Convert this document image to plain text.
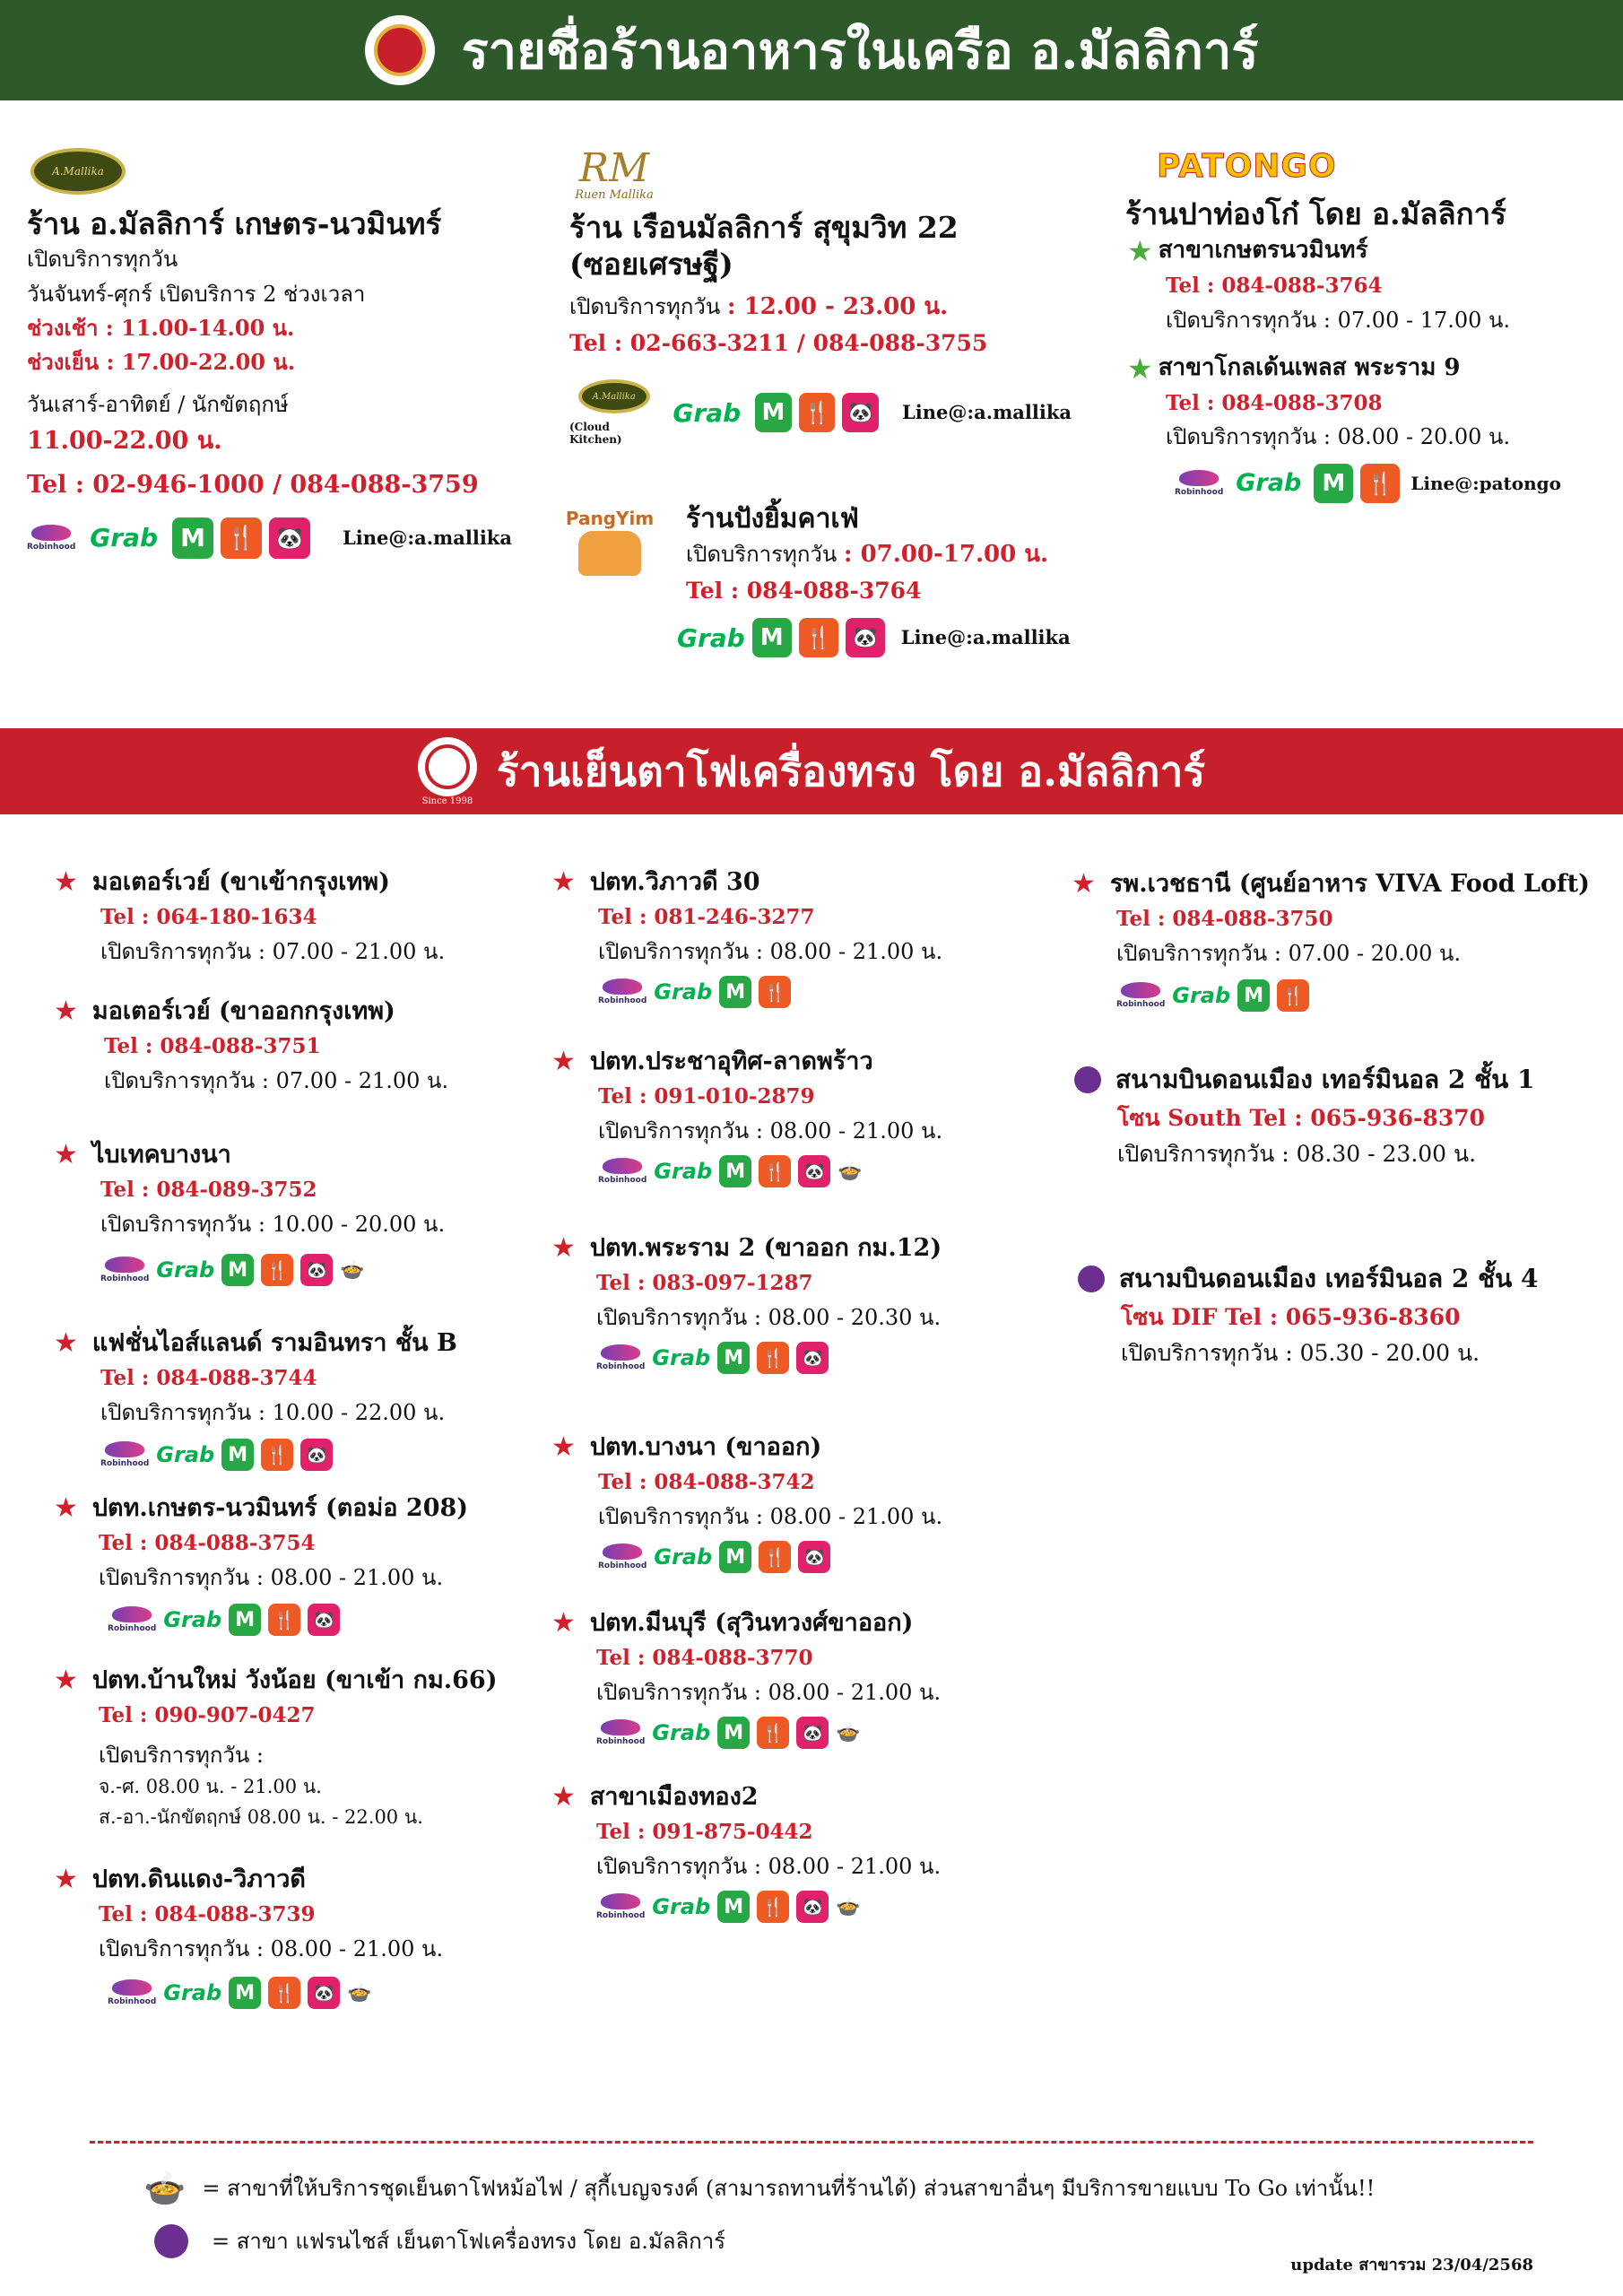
รายชื่อร้านอาหารในเครือ อ.มัลลิการ์
A.Mallika
ร้าน อ.มัลลิการ์ เกษตร-นวมินทร์
เปิดบริการทุกวัน
วันจันทร์-ศุกร์ เปิดบริการ 2 ช่วงเวลา
ช่วงเช้า : 11.00-14.00 น.
ช่วงเย็น : 17.00-22.00 น.
วันเสาร์-อาทิตย์ / นักขัตฤกษ์
11.00-22.00 น.
Tel : 02-946-1000 / 084-088-3759
Robinhood Grab M 🍴 🐼	Line@:a.mallika
RM
Ruen Mallika
ร้าน เรือนมัลลิการ์ สุขุมวิท 22
(ซอยเศรษฐี)
เปิดบริการทุกวัน : 12.00 - 23.00 น.
Tel : 02-663-3211 / 084-088-3755
A.Mallika
(Cloud Kitchen)
Grab M 🍴 🐼	Line@:a.mallika
PangYim ร้านปังยิ้มคาเฟ่
เปิดบริการทุกวัน : 07.00-17.00 น.
Tel : 084-088-3764
Grab M	🍴	🐼	Line@:a.mallika
PATONGO
ร้านปาท่องโก๋ โดย อ.มัลลิการ์
★ สาขาเกษตรนวมินทร์
Tel : 084-088-3764
เปิดบริการทุกวัน : 07.00 - 17.00 น.
★ สาขาโกลเด้นเพลส พระราม 9
Tel : 084-088-3708
เปิดบริการทุกวัน : 08.00 - 20.00 น.
Robinhood Grab M	🍴 Line@:patongo
Since 1998
ร้านเย็นตาโฟเครื่องทรง โดย อ.มัลลิการ์
★ มอเตอร์เวย์ (ขาเข้ากรุงเทพ)
Tel : 064-180-1634
เปิดบริการทุกวัน : 07.00 - 21.00 น.
★ มอเตอร์เวย์ (ขาออกกรุงเทพ)
Tel : 084-088-3751
เปิดบริการทุกวัน : 07.00 - 21.00 น.
★ ไบเทคบางนา
Tel : 084-089-3752
เปิดบริการทุกวัน : 10.00 - 20.00 น.
Robinhood Grab M	🍴	🐼 🍲
★ แฟชั่นไอส์แลนด์ รามอินทรา ชั้น B
Tel : 084-088-3744
เปิดบริการทุกวัน : 10.00 - 22.00 น.
Robinhood Grab M	🍴	🐼
★ ปตท.เกษตร-นวมินทร์ (ตอม่อ 208)
Tel : 084-088-3754
เปิดบริการทุกวัน : 08.00 - 21.00 น.
Robinhood Grab M	🍴	🐼
★ ปตท.บ้านใหม่ วังน้อย (ขาเข้า กม.66)
Tel : 090-907-0427
เปิดบริการทุกวัน :
จ.-ศ. 08.00 น. - 21.00 น.
ส.-อา.-นักขัตฤกษ์ 08.00 น. - 22.00 น.
★ ปตท.ดินแดง-วิภาวดี
Tel : 084-088-3739
เปิดบริการทุกวัน : 08.00 - 21.00 น.
Robinhood Grab M	🍴	🐼 🍲
★ ปตท.วิภาวดี 30
Tel : 081-246-3277
เปิดบริการทุกวัน : 08.00 - 21.00 น.
Robinhood Grab M	🍴
★ ปตท.ประชาอุทิศ-ลาดพร้าว
Tel : 091-010-2879
เปิดบริการทุกวัน : 08.00 - 21.00 น.
Robinhood Grab M	🍴	🐼 🍲
★ ปตท.พระราม 2 (ขาออก กม.12)
Tel : 083-097-1287
เปิดบริการทุกวัน : 08.00 - 20.30 น.
Robinhood Grab M	🍴	🐼
★ ปตท.บางนา (ขาออก)
Tel : 084-088-3742
เปิดบริการทุกวัน : 08.00 - 21.00 น.
Robinhood Grab M	🍴	🐼
★ ปตท.มีนบุรี (สุวินทวงศ์ขาออก)
Tel : 084-088-3770
เปิดบริการทุกวัน : 08.00 - 21.00 น.
Robinhood Grab M	🍴	🐼 🍲
★ สาขาเมืองทอง2
Tel : 091-875-0442
เปิดบริการทุกวัน : 08.00 - 21.00 น.
Robinhood Grab M	🍴	🐼 🍲
★ รพ.เวชธานี (ศูนย์อาหาร VIVA Food Loft)
Tel : 084-088-3750
เปิดบริการทุกวัน : 07.00 - 20.00 น.
Robinhood Grab M	🍴
สนามบินดอนเมือง เทอร์มินอล 2 ชั้น 1
โซน South Tel : 065-936-8370
เปิดบริการทุกวัน : 08.30 - 23.00 น.
สนามบินดอนเมือง เทอร์มินอล 2 ชั้น 4
โซน DIF Tel : 065-936-8360
เปิดบริการทุกวัน : 05.30 - 20.00 น.
🍲 = สาขาที่ให้บริการชุดเย็นตาโฟหม้อไฟ / สุกี้เบญจรงค์ (สามารถทานที่ร้านได้) ส่วนสาขาอื่นๆ มีบริการขายแบบ To Go เท่านั้น!!
= สาขา แฟรนไชส์ เย็นตาโฟเครื่องทรง โดย อ.มัลลิการ์
update สาขารวม 23/04/2568
